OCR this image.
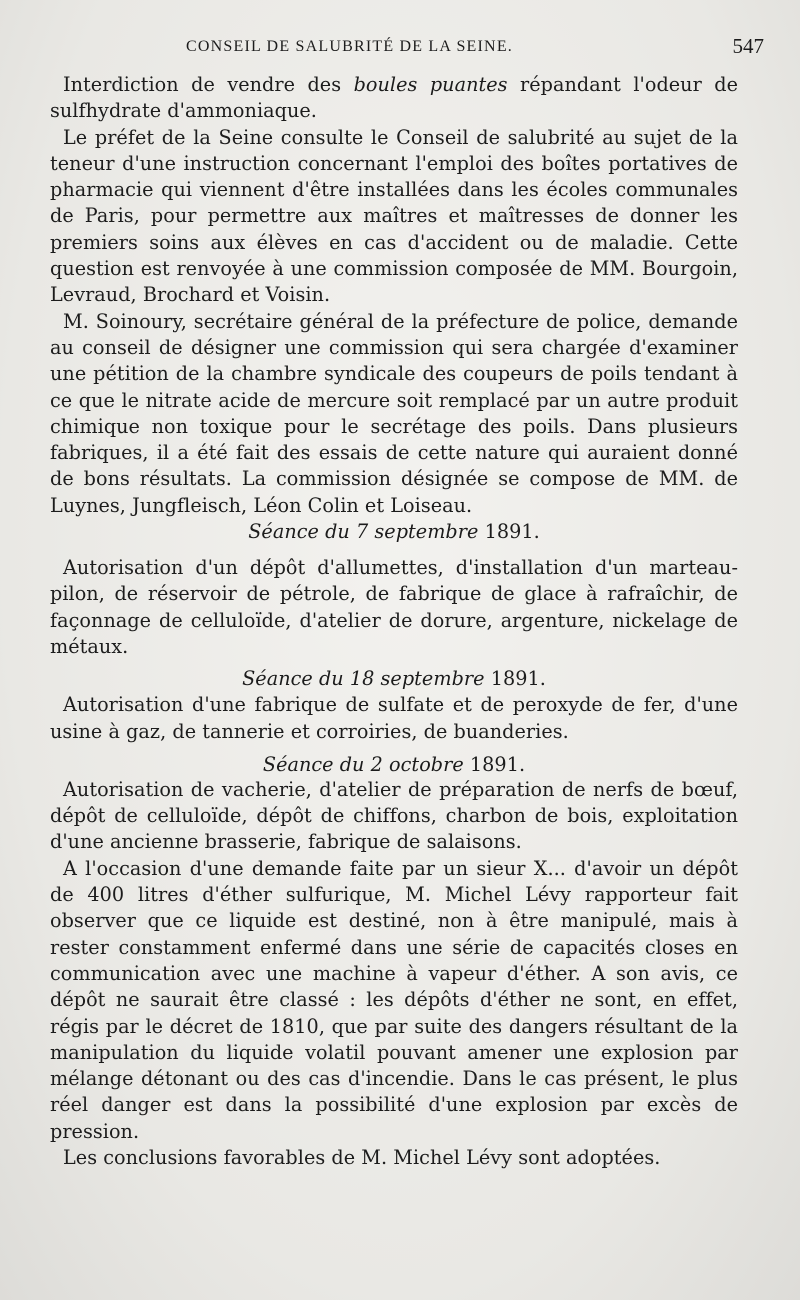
CONSEIL DE SALUBRITÉ DE LA SEINE.	547

Interdiction de vendre des boules puantes répandant l'odeur de sulfhydrate d'ammoniaque.

Le préfet de la Seine consulte le Conseil de salubrité au sujet de la teneur d'une instruction concernant l'emploi des boîtes portatives de pharmacie qui viennent d'être installées dans les écoles communales de Paris, pour permettre aux maîtres et maîtresses de donner les premiers soins aux élèves en cas d'accident ou de maladie. Cette question est renvoyée à une commission composée de MM. Bourgoin, Levraud, Brochard et Voisin.

M. Soinoury, secrétaire général de la préfecture de police, demande au conseil de désigner une commission qui sera chargée d'examiner une pétition de la chambre syndicale des coupeurs de poils tendant à ce que le nitrate acide de mercure soit remplacé par un autre produit chimique non toxique pour le secrétage des poils. Dans plusieurs fabriques, il a été fait des essais de cette nature qui auraient donné de bons résultats. La commission désignée se compose de MM. de Luynes, Jungfleisch, Léon Colin et Loiseau.

Séance du 7 septembre 1891.

Autorisation d'un dépôt d'allumettes, d'installation d'un marteau-pilon, de réservoir de pétrole, de fabrique de glace à rafraîchir, de façonnage de celluloïde, d'atelier de dorure, argenture, nickelage de métaux.

Séance du 18 septembre 1891.

Autorisation d'une fabrique de sulfate et de peroxyde de fer, d'une usine à gaz, de tannerie et corroiries, de buanderies.

Séance du 2 octobre 1891.

Autorisation de vacherie, d'atelier de préparation de nerfs de bœuf, dépôt de celluloïde, dépôt de chiffons, charbon de bois, exploitation d'une ancienne brasserie, fabrique de salaisons.

A l'occasion d'une demande faite par un sieur X... d'avoir un dépôt de 400 litres d'éther sulfurique, M. Michel Lévy rapporteur fait observer que ce liquide est destiné, non à être manipulé, mais à rester constamment enfermé dans une série de capacités closes en communication avec une machine à vapeur d'éther. A son avis, ce dépôt ne saurait être classé : les dépôts d'éther ne sont, en effet, régis par le décret de 1810, que par suite des dangers résultant de la manipulation du liquide volatil pouvant amener une explosion par mélange détonant ou des cas d'incendie. Dans le cas présent, le plus réel danger est dans la possibilité d'une explosion par excès de pression.

Les conclusions favorables de M. Michel Lévy sont adoptées.
